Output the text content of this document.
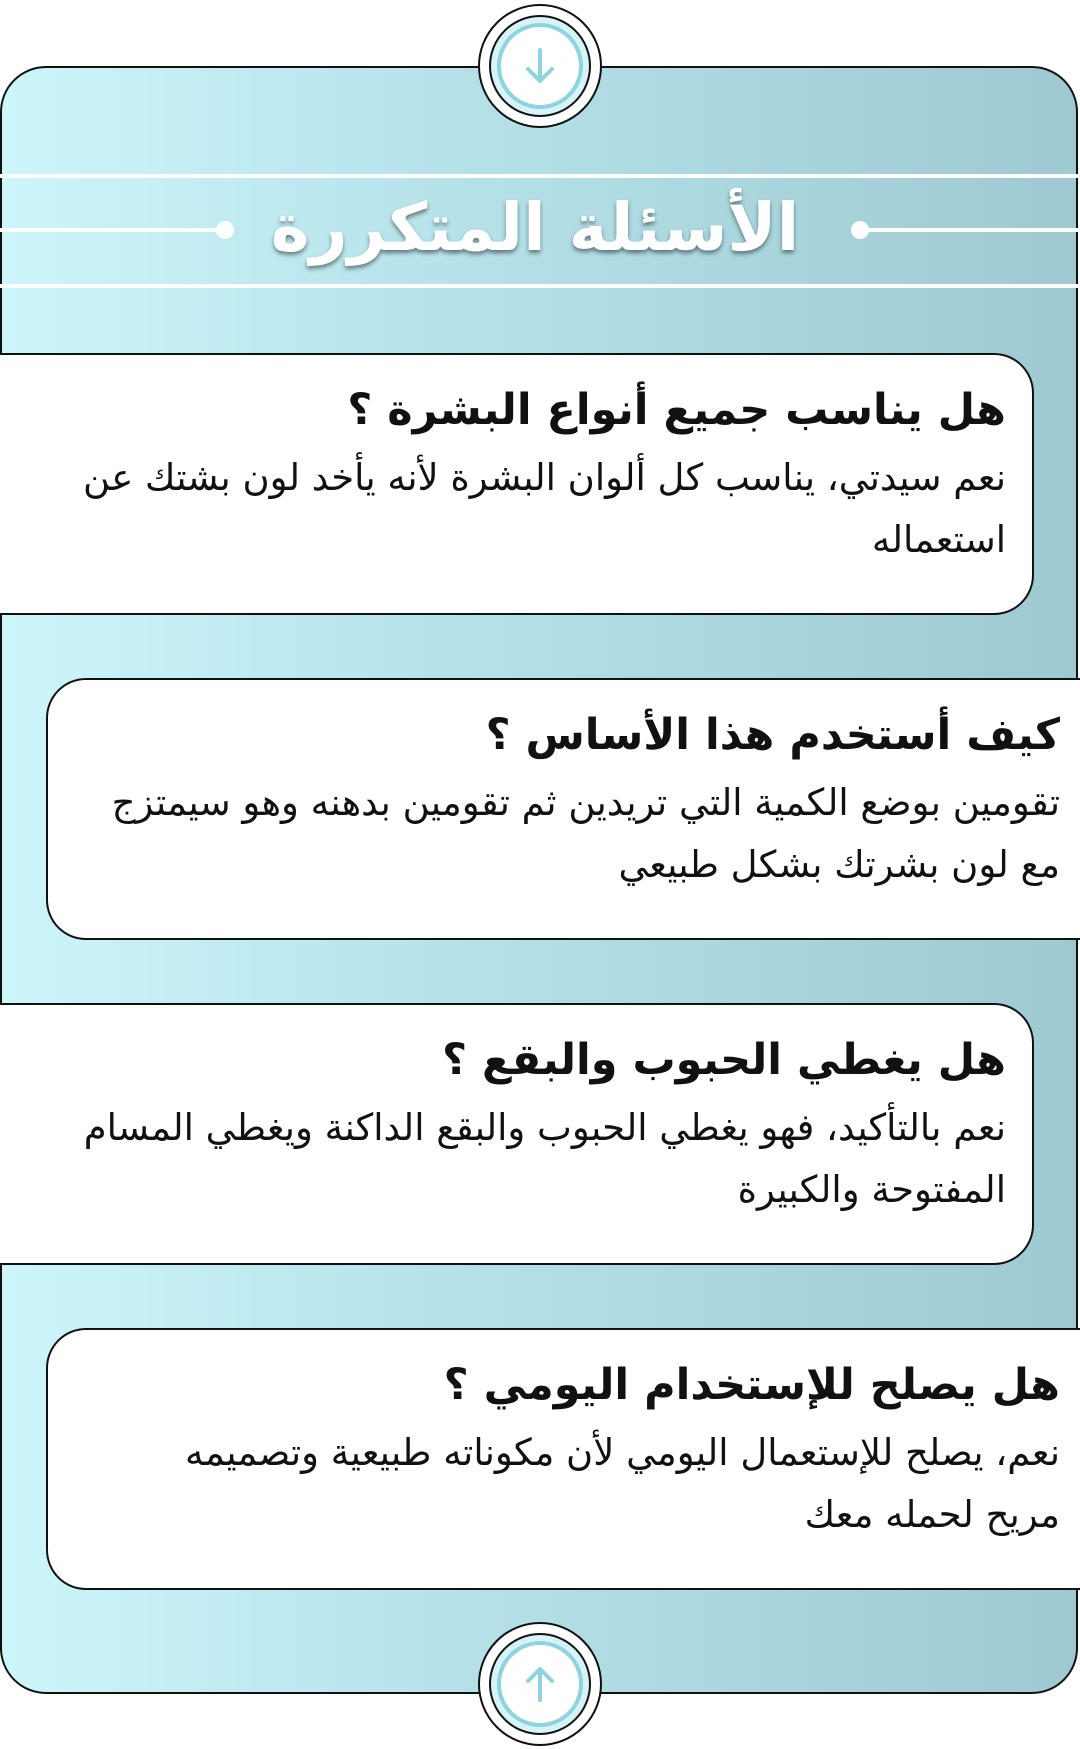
الأسئلة المتكررة

هل يناسب جميع أنواع البشرة ؟

نعم سيدتي، يناسب كل ألوان البشرة لأنه يأخد لون بشتك عن استعماله

كيف أستخدم هذا الأساس ؟

تقومين بوضع الكمية التي تريدين ثم تقومين بدهنه وهو سيمتزج مع لون بشرتك بشكل طبيعي

هل يغطي الحبوب والبقع ؟

نعم بالتأكيد، فهو يغطي الحبوب والبقع الداكنة ويغطي المسام المفتوحة والكبيرة

هل يصلح للإستخدام اليومي ؟

نعم، يصلح للإستعمال اليومي لأن مكوناته طبيعية وتصميمه مريح لحمله معك
